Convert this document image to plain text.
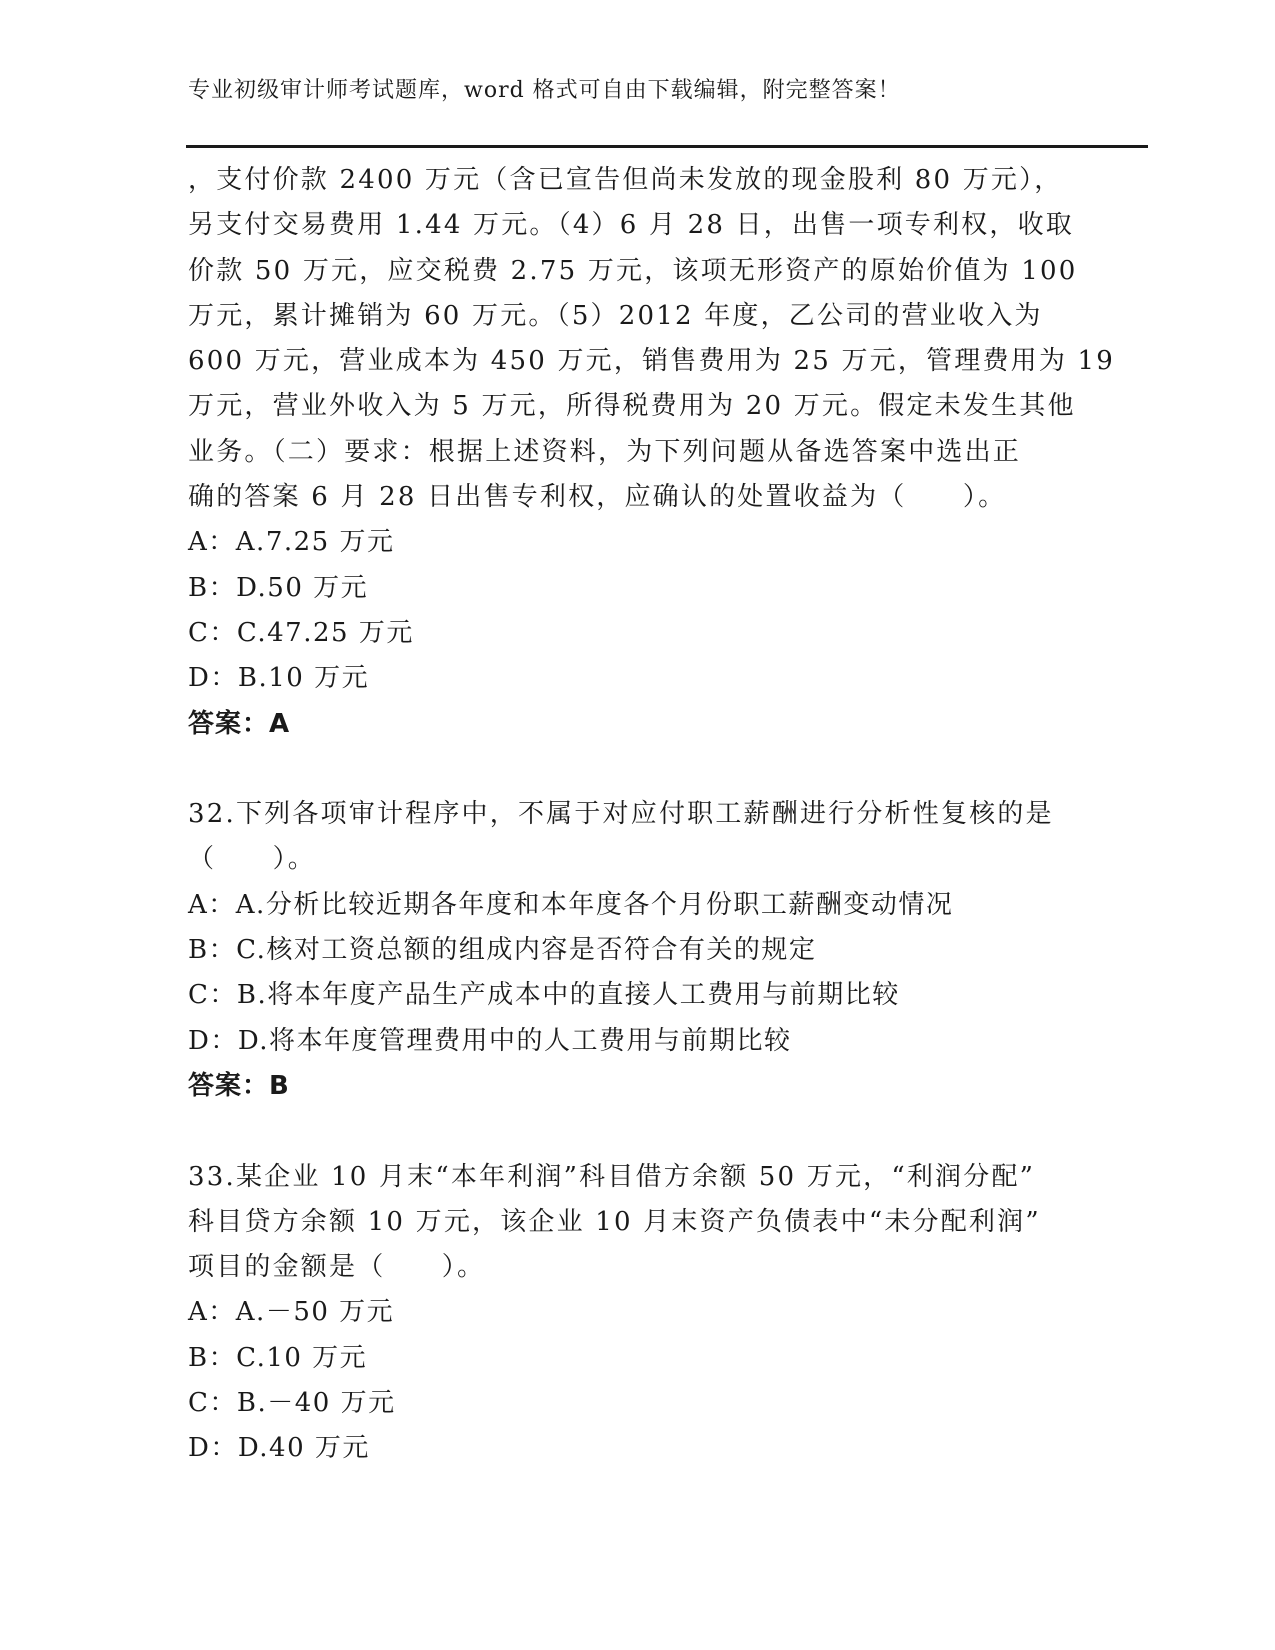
专业初级审计师考试题库，word 格式可自由下载编辑，附完整答案！
，支付价款 2400 万元（含已宣告但尚未发放的现金股利 80 万元），
另支付交易费用 1.44 万元。（4）6 月 28 日，出售一项专利权，收取
价款 50 万元，应交税费 2.75 万元，该项无形资产的原始价值为 100
万元，累计摊销为 60 万元。（5）2012 年度，乙公司的营业收入为
600 万元，营业成本为 450 万元，销售费用为 25 万元，管理费用为 19
万元，营业外收入为 5 万元，所得税费用为 20 万元。假定未发生其他
业务。（二）要求：根据上述资料，为下列问题从备选答案中选出正
确的答案 6 月 28 日出售专利权，应确认的处置收益为（　　）。
A：A.7.25 万元
B：D.50 万元
C：C.47.25 万元
D：B.10 万元
答案：A
32.下列各项审计程序中，不属于对应付职工薪酬进行分析性复核的是
（　　）。
A：A.分析比较近期各年度和本年度各个月份职工薪酬变动情况
B：C.核对工资总额的组成内容是否符合有关的规定
C：B.将本年度产品生产成本中的直接人工费用与前期比较
D：D.将本年度管理费用中的人工费用与前期比较
答案：B
33.某企业 10 月末“本年利润”科目借方余额 50 万元，“利润分配”
科目贷方余额 10 万元，该企业 10 月末资产负债表中“未分配利润”
项目的金额是（　　）。
A：A.－50 万元
B：C.10 万元
C：B.－40 万元
D：D.40 万元
